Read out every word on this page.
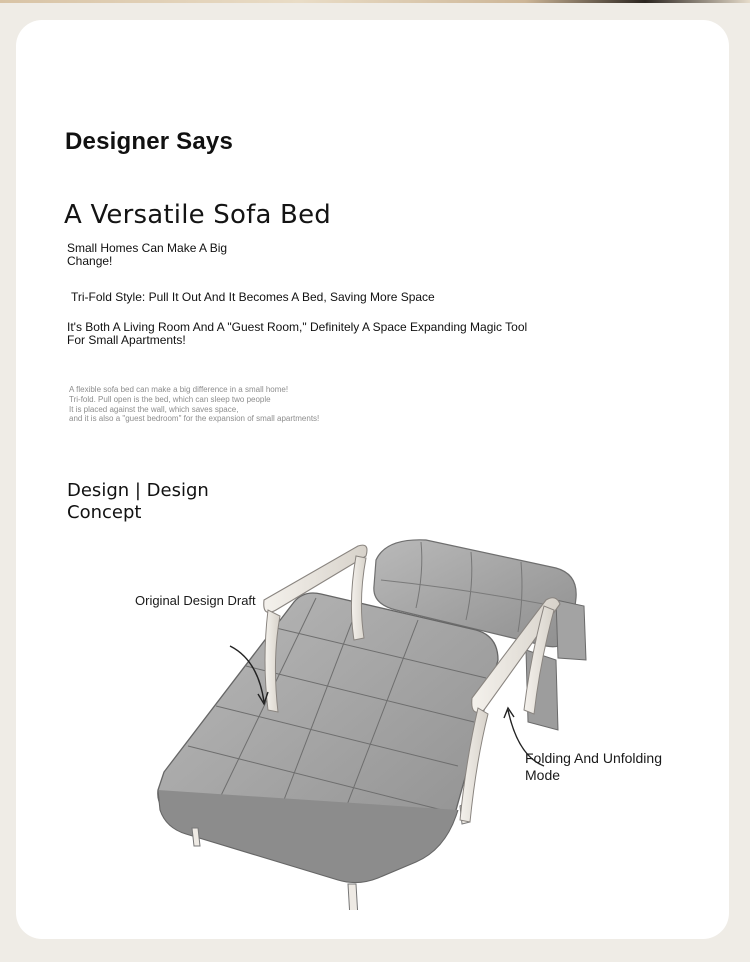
Designer Says
A Versatile Sofa Bed
Small Homes Can Make A Big Change!
Tri-Fold Style: Pull It Out And It Becomes A Bed, Saving More Space
It's Both A Living Room And A "Guest Room," Definitely A Space Expanding Magic Tool For Small Apartments!
A flexible sofa bed can make a big difference in a small home!
Tri-fold. Pull open is the bed, which can sleep two people
It is placed against the wall, which saves space,
and it is also a "guest bedroom" for the expansion of small apartments!
Design | Design Concept
Original Design Draft
Folding And Unfolding Mode
